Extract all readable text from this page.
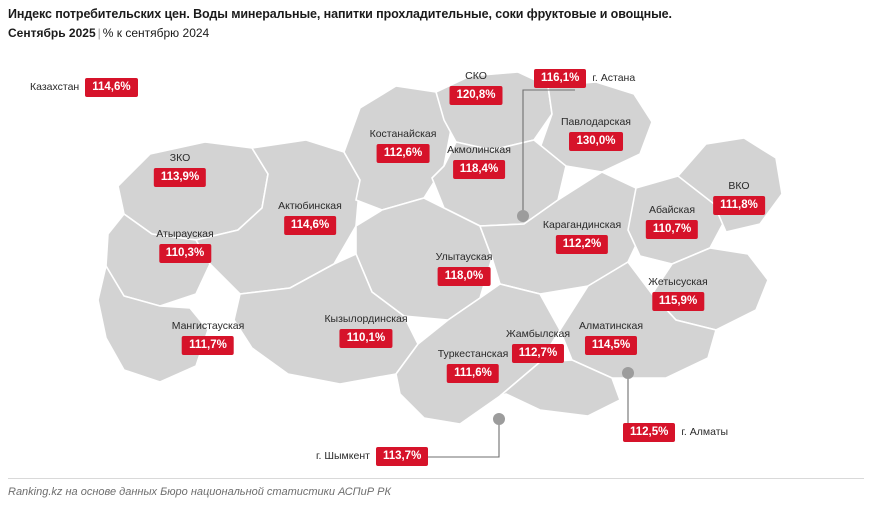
Индекс потребительских цен. Воды минеральные, напитки прохладительные, соки фруктовые и овощные.
Сентябрь 2025 | % к сентябрю 2024
Казахстан	114,6%
СКО
120,8%
116,1%	г. Астана
Костанайская
112,6%	Акмолинская
118,4%
Павлодарская
130,0%
ЗКО
113,9%
Актюбинская
114,6%
ВКО
111,8%
Абайская
110,7%
Атырауская
110,3%
Карагандинская
112,2%
Улытауская
118,0%	Жетысуская
115,9%
Мангистауская
111,7%
Кызылординская
110,1%	Жамбылская
112,7%
Алматинская
114,5%
Туркестанская
111,6%
112,5%	г. Алматы
г. Шымкент	113,7%
Ranking.kz на основе данных Бюро национальной статистики АСПиР РК
